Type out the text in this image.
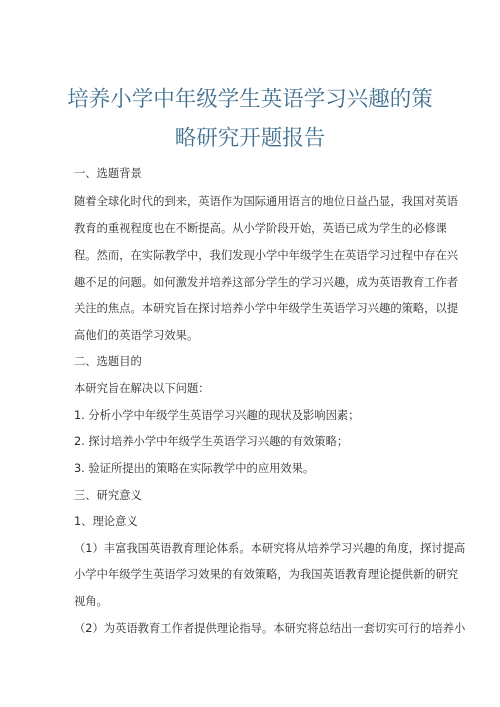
培养小学中年级学生英语学习兴趣的策
略研究开题报告
一、选题背景
随着全球化时代的到来，英语作为国际通用语言的地位日益凸显，我国对英语
教育的重视程度也在不断提高。从小学阶段开始，英语已成为学生的必修课
程。然而，在实际教学中，我们发现小学中年级学生在英语学习过程中存在兴
趣不足的问题。如何激发并培养这部分学生的学习兴趣，成为英语教育工作者
关注的焦点。本研究旨在探讨培养小学中年级学生英语学习兴趣的策略，以提
高他们的英语学习效果。
二、选题目的
本研究旨在解决以下问题：
1. 分析小学中年级学生英语学习兴趣的现状及影响因素；
2. 探讨培养小学中年级学生英语学习兴趣的有效策略；
3. 验证所提出的策略在实际教学中的应用效果。
三、研究意义
1、理论意义
（1）丰富我国英语教育理论体系。本研究将从培养学习兴趣的角度，探讨提高
小学中年级学生英语学习效果的有效策略，为我国英语教育理论提供新的研究
视角。
（2）为英语教育工作者提供理论指导。本研究将总结出一套切实可行的培养小
